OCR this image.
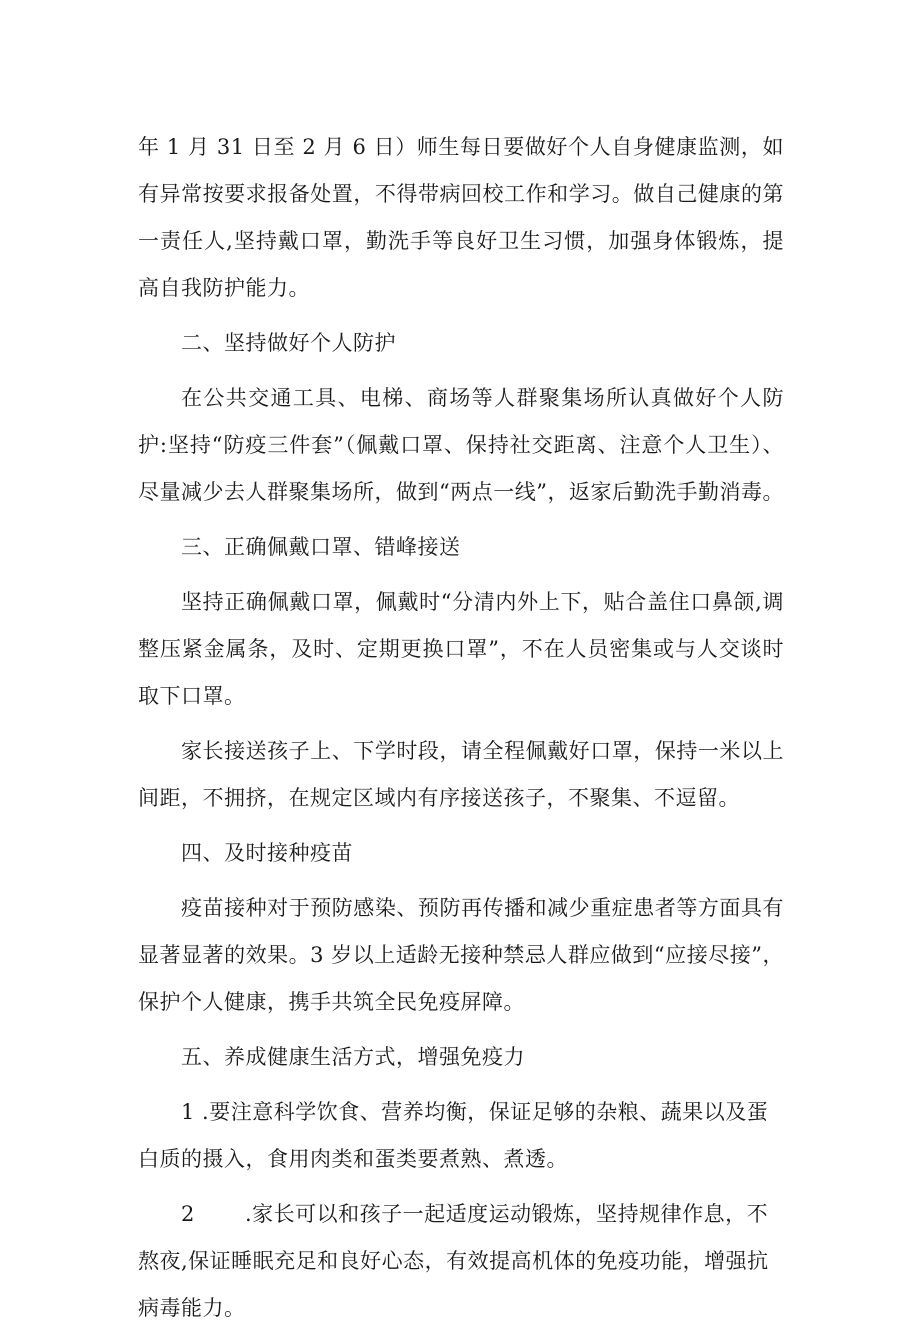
年 1 月 31 日至 2 月 6 日）师生每日要做好个人自身健康监测，如有异常按要求报备处置，不得带病回校工作和学习。做自己健康的第一责任人,坚持戴口罩，勤洗手等良好卫生习惯，加强身体锻炼，提高自我防护能力。

二、坚持做好个人防护

在公共交通工具、电梯、商场等人群聚集场所认真做好个人防护:坚持“防疫三件套”（佩戴口罩、保持社交距离、注意个人卫生）、尽量减少去人群聚集场所，做到“两点一线”，返家后勤洗手勤消毒。

三、正确佩戴口罩、错峰接送

坚持正确佩戴口罩，佩戴时“分清内外上下，贴合盖住口鼻颌,调整压紧金属条，及时、定期更换口罩”，不在人员密集或与人交谈时取下口罩。

家长接送孩子上、下学时段，请全程佩戴好口罩，保持一米以上间距，不拥挤，在规定区域内有序接送孩子，不聚集、不逗留。

四、及时接种疫苗

疫苗接种对于预防感染、预防再传播和减少重症患者等方面具有显著显著的效果。3 岁以上适龄无接种禁忌人群应做到“应接尽接”，保护个人健康，携手共筑全民免疫屏障。

五、养成健康生活方式，增强免疫力

1 .要注意科学饮食、营养均衡，保证足够的杂粮、蔬果以及蛋白质的摄入，食用肉类和蛋类要煮熟、煮透。

2 .家长可以和孩子一起适度运动锻炼，坚持规律作息，不熬夜,保证睡眠充足和良好心态，有效提高机体的免疫功能，增强抗病毒能力。
